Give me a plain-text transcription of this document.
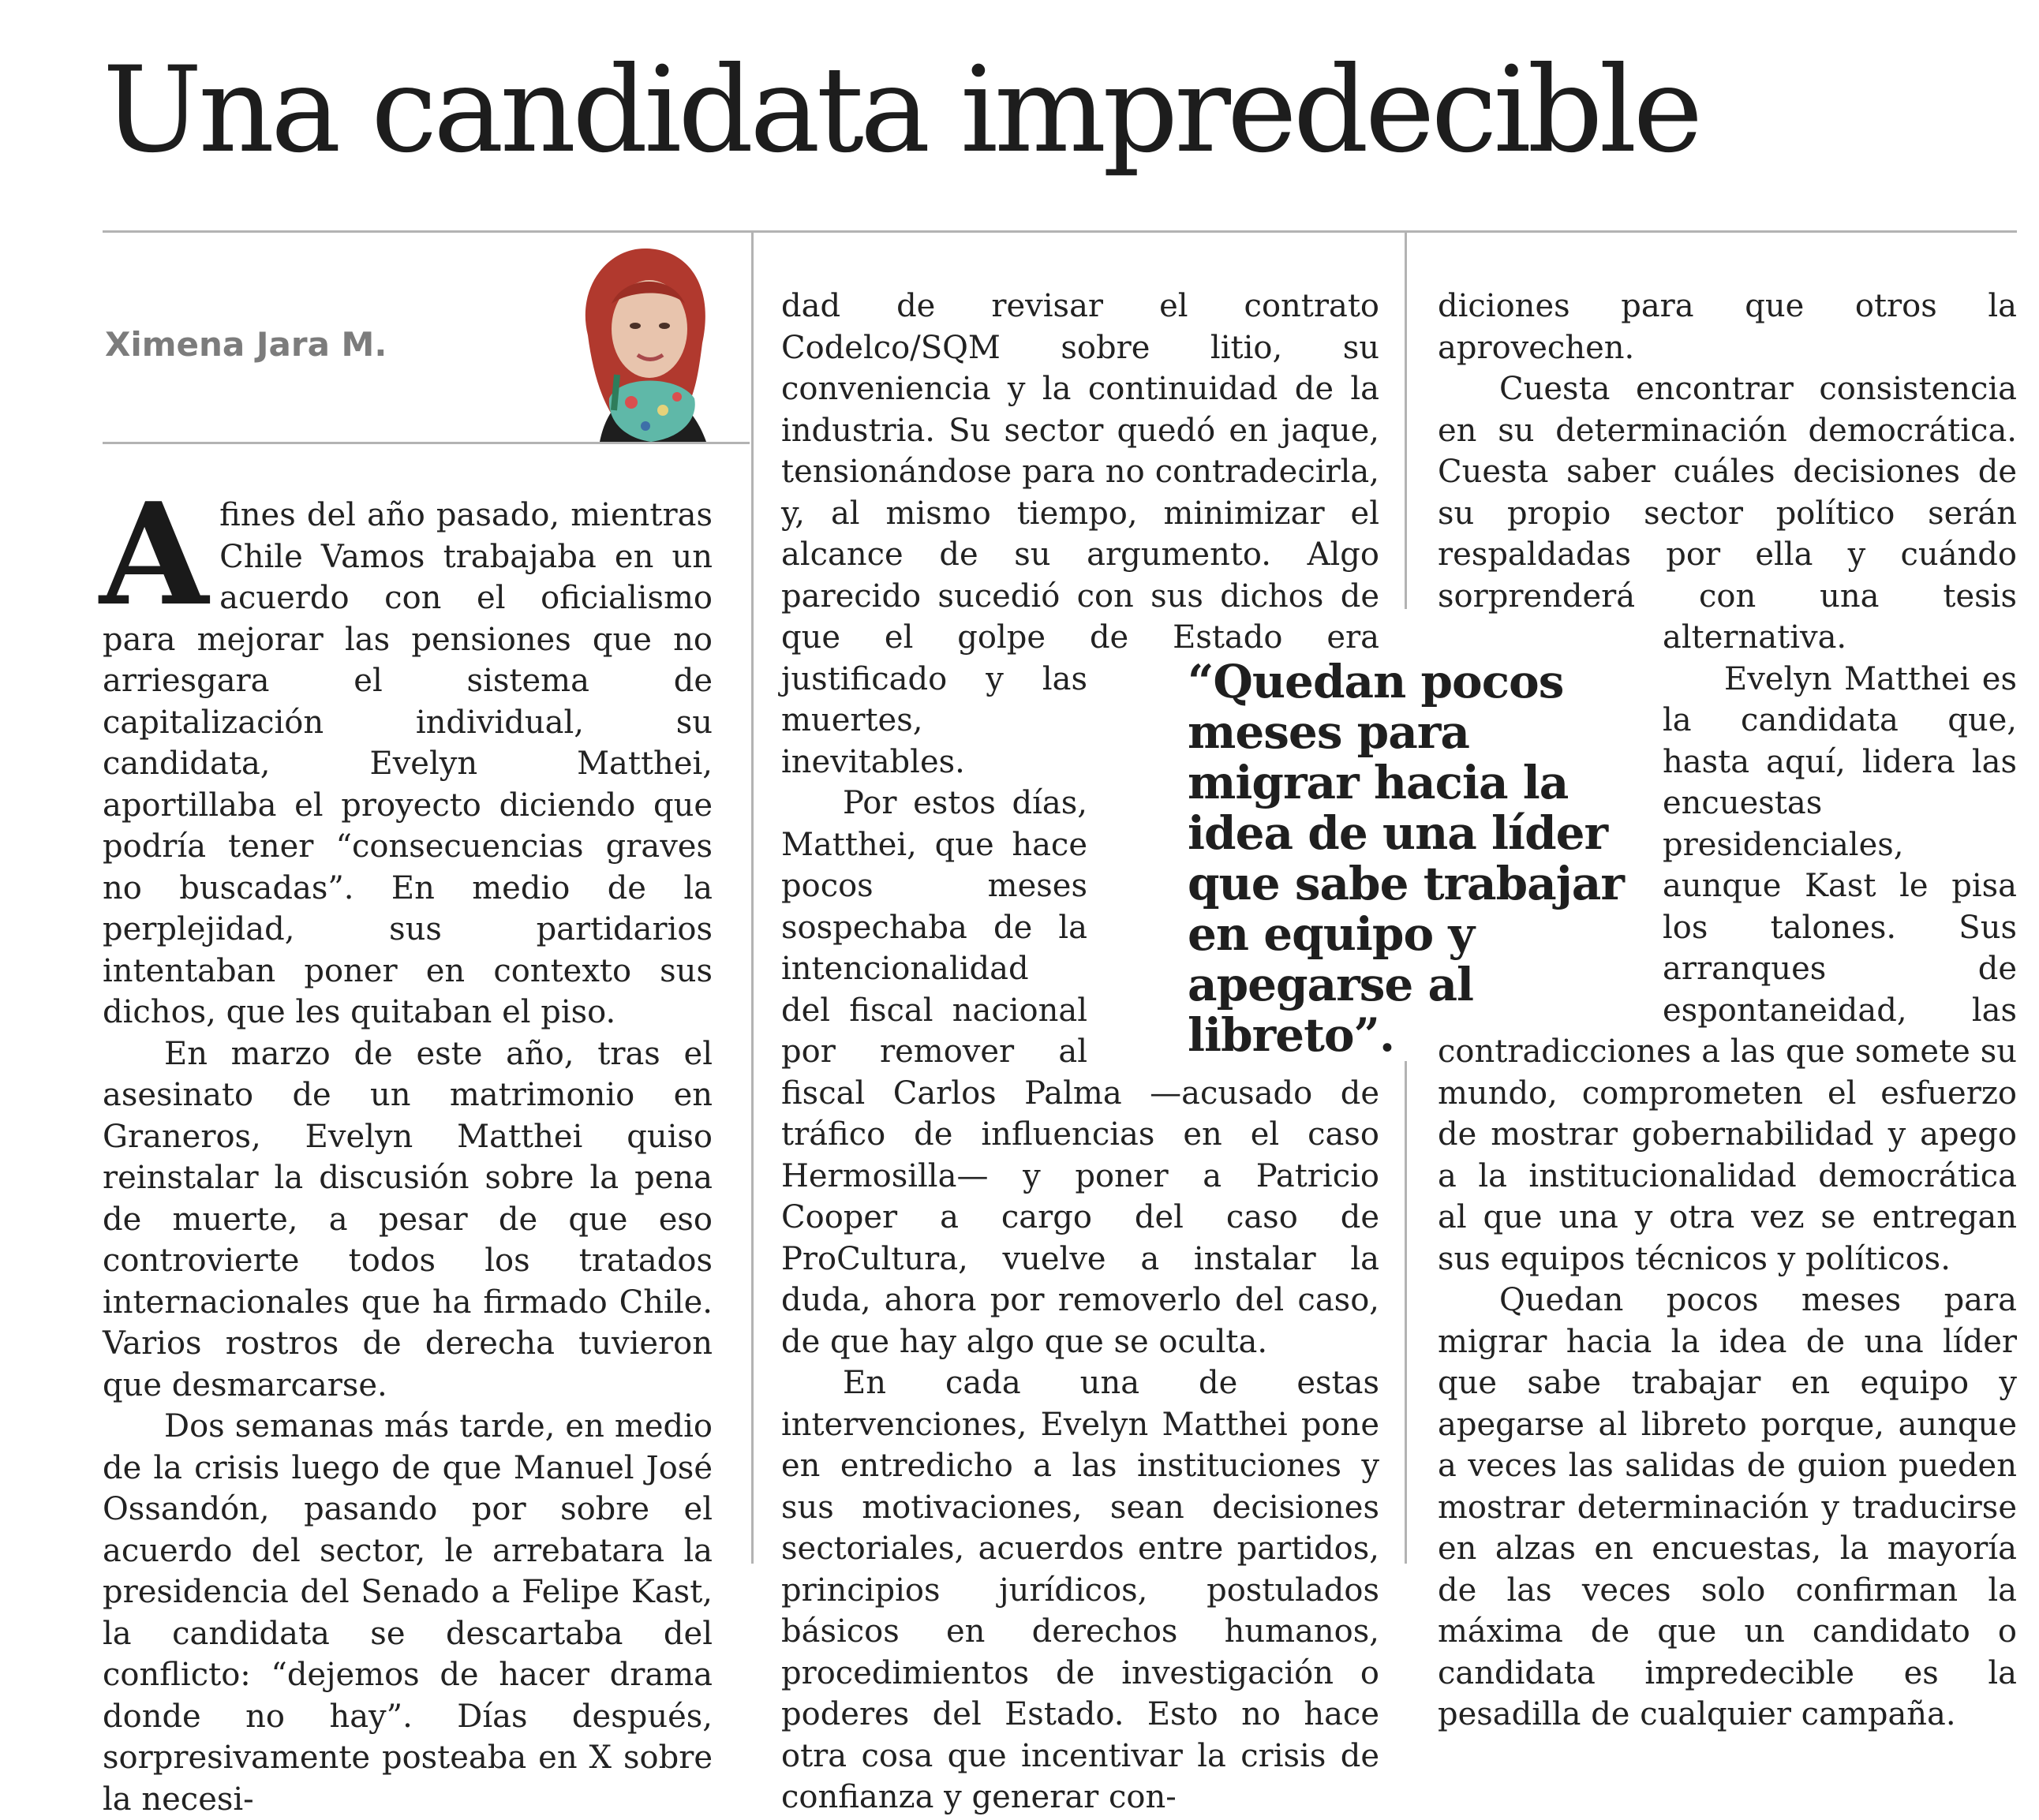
Una candidata impredecible
Ximena Jara M.

Afines del año pasado, mientras Chile Vamos trabajaba en un acuerdo con el oficialismo para mejorar las pensiones que no arriesgara el sistema de capitalización individual, su candidata, Evelyn Matthei, aportillaba el proyecto diciendo que podría tener “consecuencias graves no buscadas”. En medio de la perplejidad, sus partidarios intentaban poner en contexto sus dichos, que les quitaban el piso.

En marzo de este año, tras el asesinato de un matrimonio en Graneros, Evelyn Matthei quiso reinstalar la discusión sobre la pena de muerte, a pesar de que eso controvierte todos los tratados internacionales que ha firmado Chile. Varios rostros de derecha tuvieron que desmarcarse.

Dos semanas más tarde, en medio de la crisis luego de que Manuel José Ossandón, pasando por sobre el acuerdo del sector, le arrebatara la presidencia del Senado a Felipe Kast, la candidata se descartaba del conflicto: “dejemos de hacer drama donde no hay”. Días después, sorpresivamente posteaba en X sobre la necesi-

dad de revisar el contrato Codelco/SQM sobre litio, su conveniencia y la continuidad de la industria. Su sector quedó en jaque, tensionándose para no contradecirla, y, al mismo tiempo, minimizar el alcance de su argumento. Algo parecido sucedió con sus dichos de que el golpe de Estado era justificado y las muertes, inevitables.

Por estos días, Matthei, que hace pocos meses sospechaba de la intencionalidad del fiscal nacional por remover al fiscal Carlos Palma —acusado de tráfico de influencias en el caso Hermosilla— y poner a Patricio Cooper a cargo del caso de ProCultura, vuelve a instalar la duda, ahora por removerlo del caso, de que hay algo que se oculta.

En cada una de estas intervenciones, Evelyn Matthei pone en entredicho a las instituciones y sus motivaciones, sean decisiones sectoriales, acuerdos entre partidos, principios jurídicos, postulados básicos en derechos humanos, procedimientos de investigación o poderes del Estado. Esto no hace otra cosa que incentivar la crisis de confianza y generar con-

diciones para que otros la aprovechen.

Cuesta encontrar consistencia en su determinación democrática. Cuesta saber cuáles decisiones de su propio sector político serán respaldadas por ella y cuándo sorprenderá con una tesis alternativa.

Evelyn Matthei es la candidata que, hasta aquí, lidera las encuestas presidenciales, aunque Kast le pisa los talones. Sus arranques de espontaneidad, las contradicciones a las que somete su mundo, comprometen el esfuerzo de mostrar gobernabilidad y apego a la institucionalidad democrática al que una y otra vez se entregan sus equipos técnicos y políticos.

Quedan pocos meses para migrar hacia la idea de una líder que sabe trabajar en equipo y apegarse al libreto porque, aunque a veces las salidas de guion pueden mostrar determinación y traducirse en alzas en encuestas, la mayoría de las veces solo confirman la máxima de que un candidato o candidata impredecible es la pesadilla de cualquier campaña.

“Quedan pocos meses para migrar hacia la idea de una líder que sabe trabajar en equipo y apegarse al libreto”.
